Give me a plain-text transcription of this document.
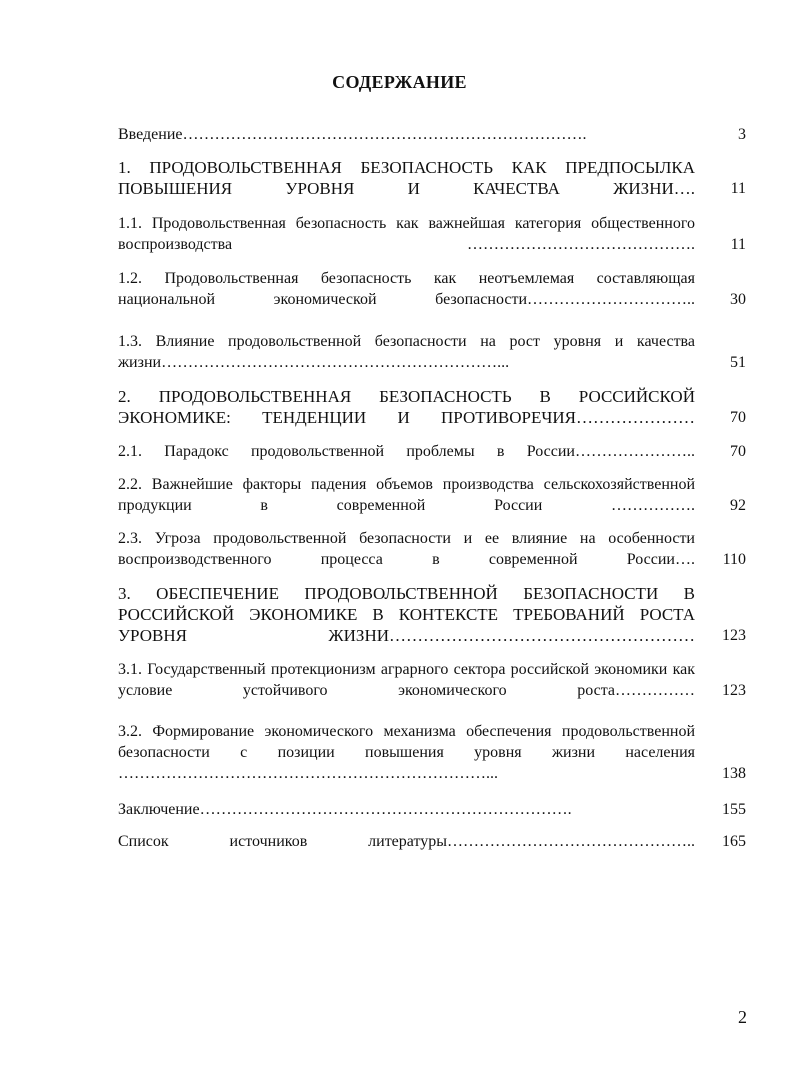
СОДЕРЖАНИЕ
Введение………………………………………………………………….	3
1. ПРОДОВОЛЬСТВЕННАЯ БЕЗОПАСНОСТЬ КАК ПРЕДПОСЫЛКА ПОВЫШЕНИЯ УРОВНЯ И КАЧЕСТВА ЖИЗНИ….	11
1.1. Продовольственная безопасность как важнейшая категория общественного воспроизводства …………………………………….	11
1.2. Продовольственная безопасность как неотъемлемая составляющая национальной экономической безопасности…………………………..	30
1.3. Влияние продовольственной безопасности на рост уровня и качества жизни………………………………………………………...	51
2. ПРОДОВОЛЬСТВЕННАЯ БЕЗОПАСНОСТЬ В РОССИЙСКОЙ ЭКОНОМИКЕ: ТЕНДЕНЦИИ И ПРОТИВОРЕЧИЯ…………………	70
2.1. Парадокс продовольственной проблемы в России…………………..	70
2.2. Важнейшие факторы падения объемов производства сельскохозяйственной продукции в современной России …………….	92
2.3. Угроза продовольственной безопасности и ее влияние на особенности воспроизводственного процесса в современной России….	110
3. ОБЕСПЕЧЕНИЕ ПРОДОВОЛЬСТВЕННОЙ БЕЗОПАСНОСТИ В РОССИЙСКОЙ ЭКОНОМИКЕ В КОНТЕКСТЕ ТРЕБОВАНИЙ РОСТА УРОВНЯ ЖИЗНИ………………………………………………	123
3.1. Государственный протекционизм аграрного сектора российской экономики как условие устойчивого экономического роста……………	123
3.2. Формирование экономического механизма обеспечения продовольственной безопасности с позиции повышения уровня жизни населения ……………………………………………………………...	138
Заключение…………………………………………………………….	155
Список источников литературы………………………………………..	165
2
